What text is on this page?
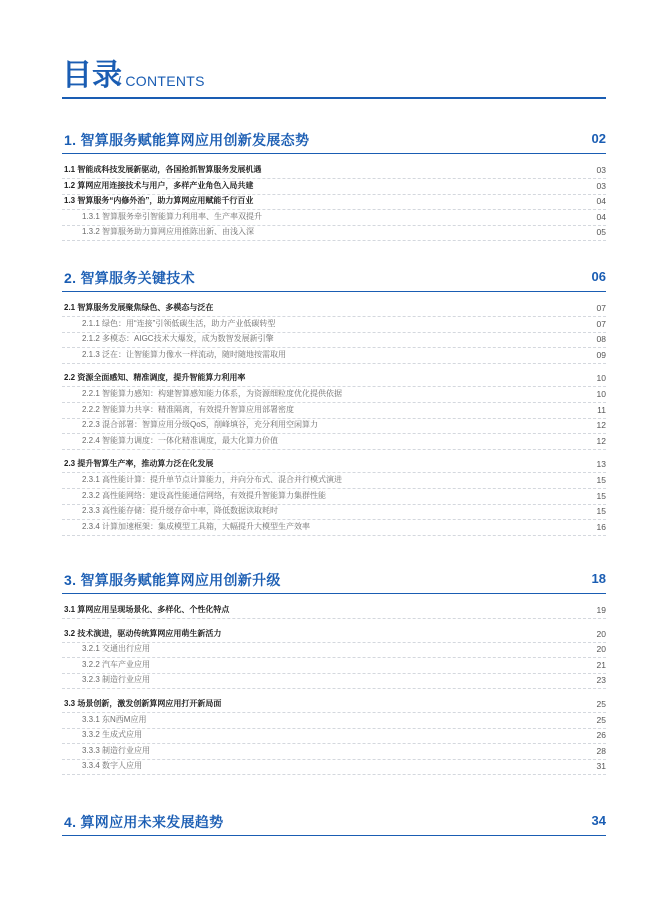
目录
/ CONTENTS
1. 智算服务赋能算网应用创新发展态势	02
1.1 智能成科技发展新驱动，各国抢抓智算服务发展机遇	03
1.2 算网应用连接技术与用户，多样产业角色入局共建	03
1.3 智算服务“内修外治”，助力算网应用赋能千行百业	04
1.3.1 智算服务牵引智能算力利用率、生产率双提升	04
1.3.2 智算服务助力算网应用推陈出新、由浅入深	05
2. 智算服务关键技术	06
2.1 智算服务发展聚焦绿色、多模态与泛在	07
2.1.1 绿色：用“连接”引领低碳生活，助力产业低碳转型	07
2.1.2 多模态：AIGC技术大爆发，成为数智发展新引擎	08
2.1.3 泛在：让智能算力像水一样流动，随时随地按需取用	09
2.2 资源全面感知、精准调度，提升智能算力利用率	10
2.2.1 智能算力感知：构建智算感知能力体系，为资源细粒度优化提供依据	10
2.2.2 智能算力共享：精准隔离，有效提升智算应用部署密度	11
2.2.3 混合部署：智算应用分级QoS，削峰填谷，充分利用空闲算力	12
2.2.4 智能算力调度：一体化精准调度，最大化算力价值	12
2.3 提升智算生产率，推动算力泛在化发展	13
2.3.1 高性能计算：提升单节点计算能力，并向分布式、混合并行模式演进	15
2.3.2 高性能网络：建设高性能通信网络，有效提升智能算力集群性能	15
2.3.3 高性能存储：提升缓存命中率，降低数据读取耗时	15
2.3.4 计算加速框架：集成模型工具箱，大幅提升大模型生产效率	16
3. 智算服务赋能算网应用创新升级	18
3.1 算网应用呈现场景化、多样化、个性化特点	19
3.2 技术演进，驱动传统算网应用萌生新活力	20
3.2.1 交通出行应用	20
3.2.2 汽车产业应用	21
3.2.3 制造行业应用	23
3.3 场景创新，激发创新算网应用打开新局面	25
3.3.1 东N西M应用	25
3.3.2 生成式应用	26
3.3.3 制造行业应用	28
3.3.4 数字人应用	31
4. 算网应用未来发展趋势	34
